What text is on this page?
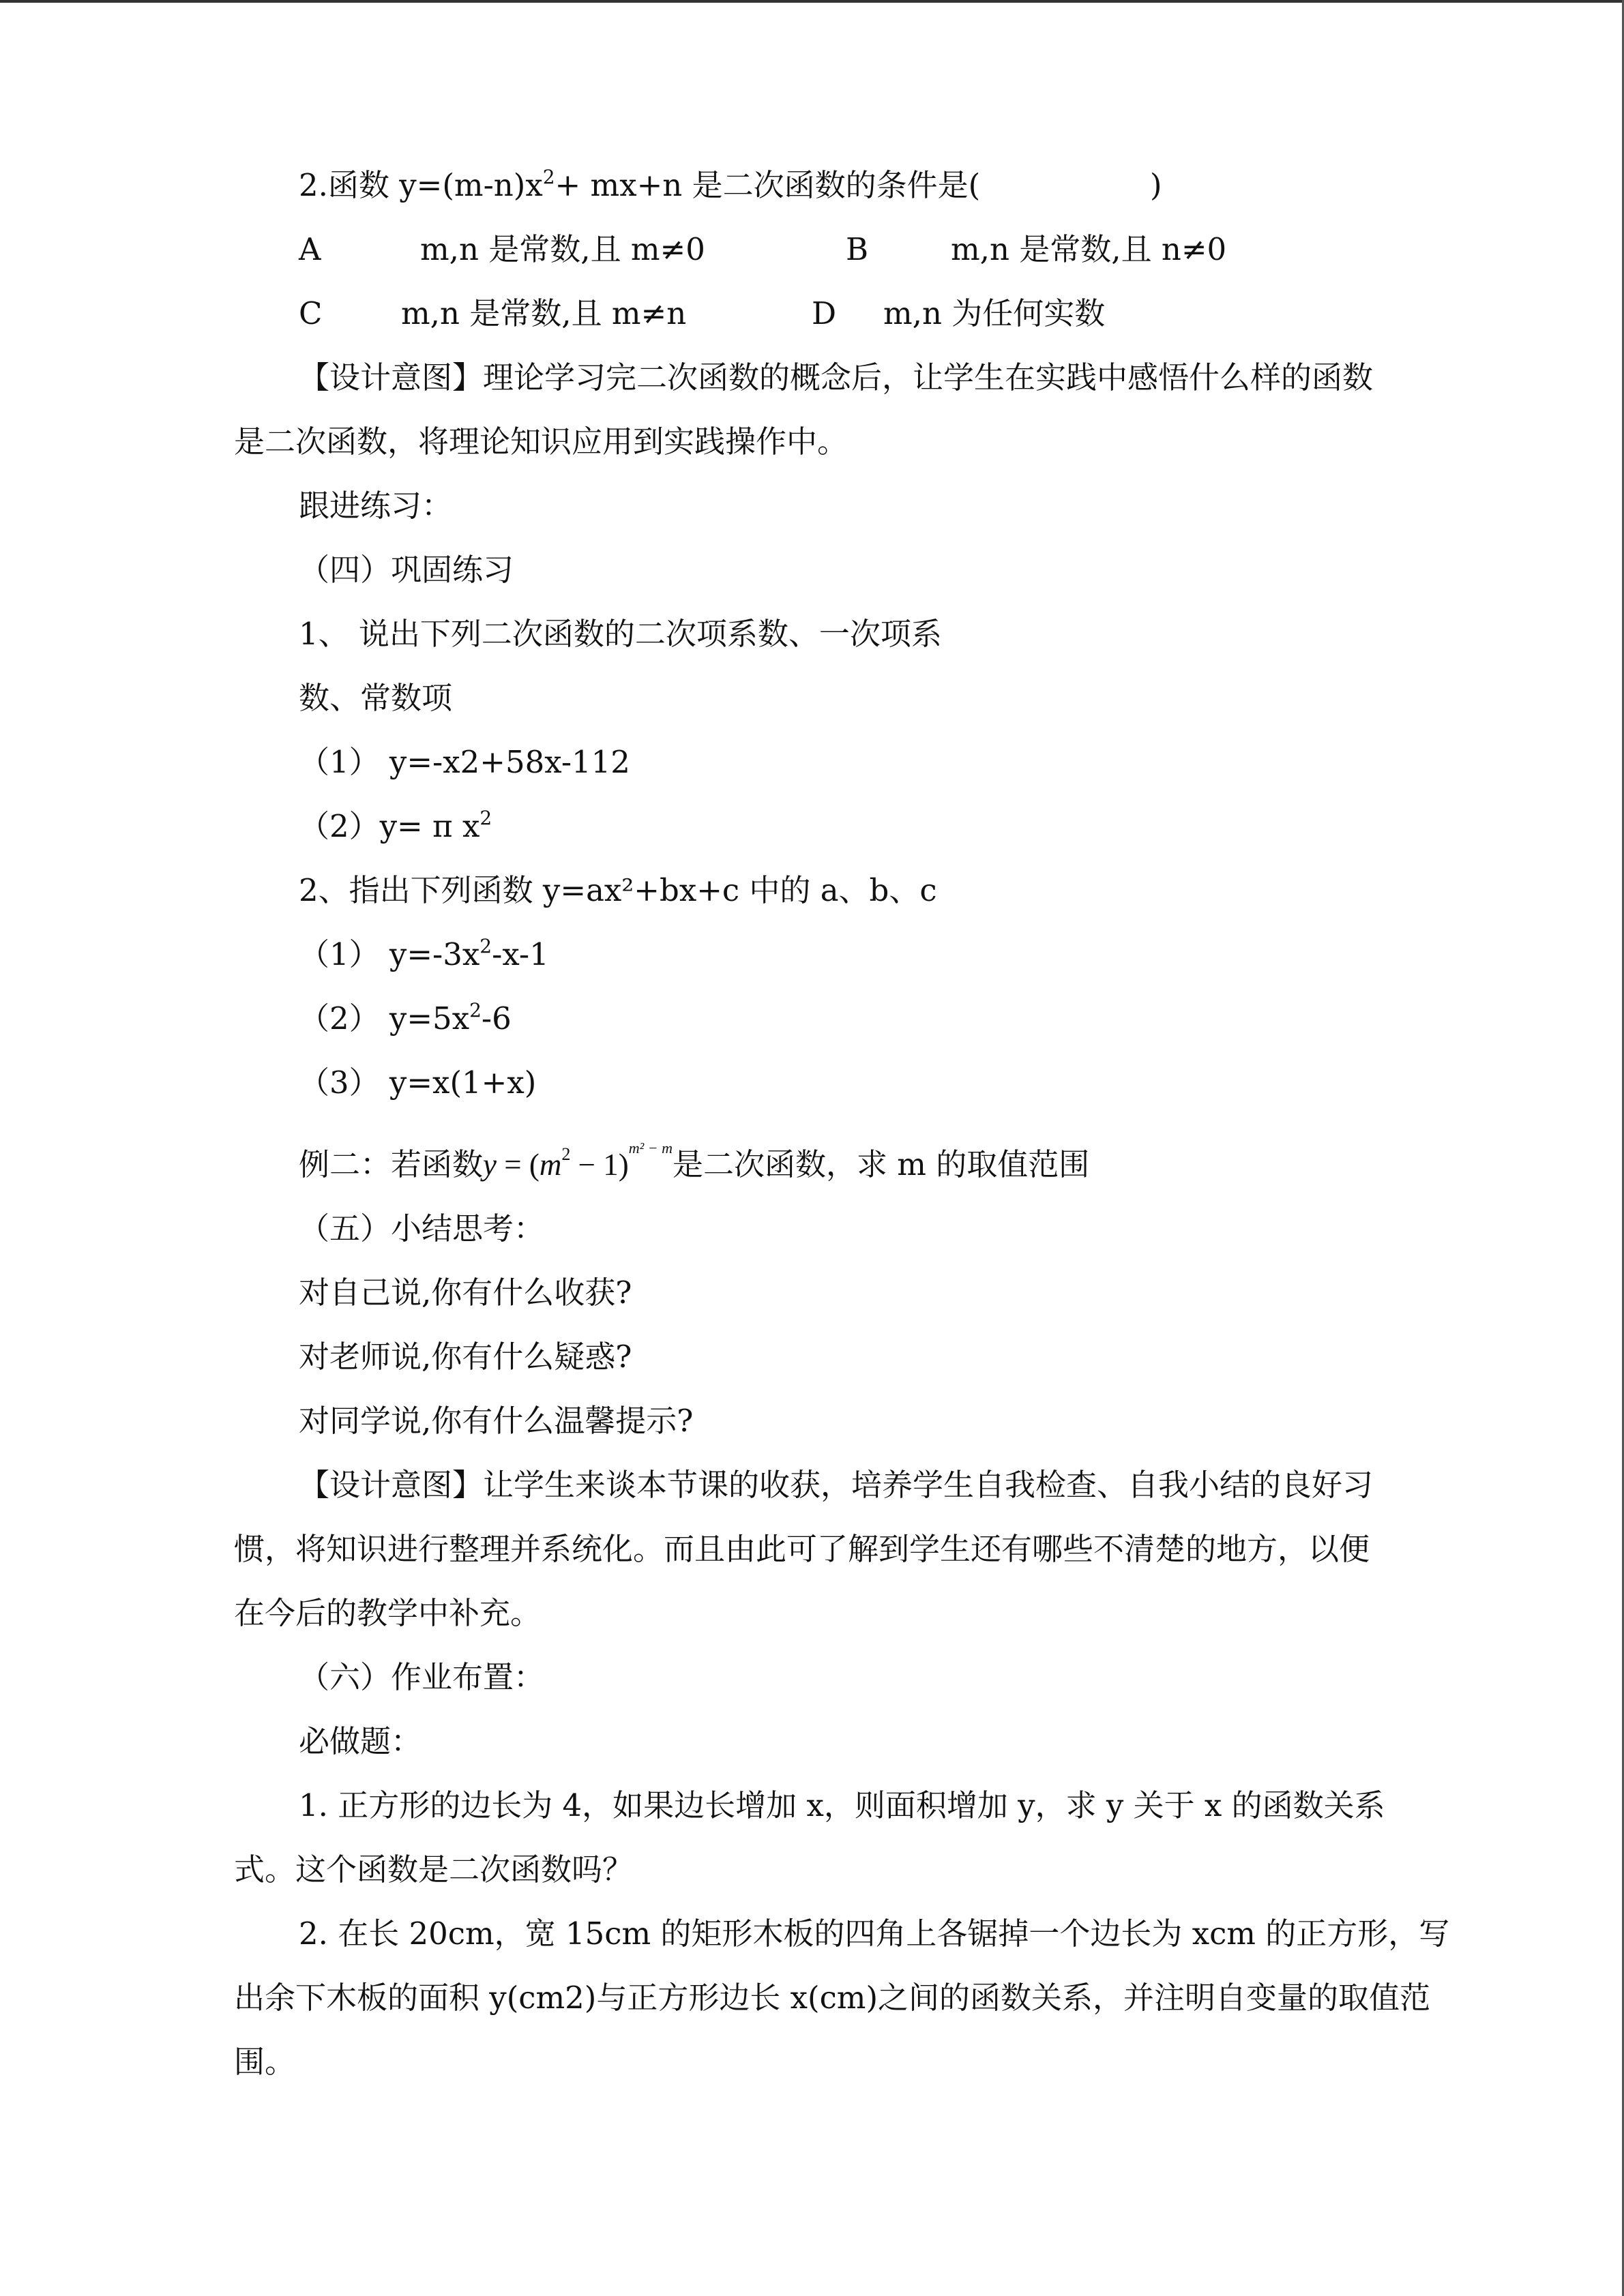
2.函数 $y=(m-n)x^2+ mx+n$ 是二次函数的条件是(	)
A	m,n 是常数,且 m≠0	B	m,n 是常数,且 n≠0
C	m,n 是常数,且 m≠n	D m,n 为任何实数
【设计意图】理论学习完二次函数的概念后，让学生在实践中感悟什么样的函数
是二次函数，将理论知识应用到实践操作中。
跟进练习：
（四）巩固练习
1、 说出下列二次函数的二次项系数、一次项系
数、常数项
（1） y=-x2+58x-112
（2）y= π $x^2$
2、指出下列函数 y=ax²+bx+c 中的 a、b、c
（1） $y=-3x^2-x-1$
（2） $y=5x^2-6$
（3） y=x(1+x)
例二：若函数$y = (m^2 - 1)^{m^2 - m}$是二次函数，求 m 的取值范围
（五）小结思考：
对自己说,你有什么收获?
对老师说,你有什么疑惑?
对同学说,你有什么温馨提示?
【设计意图】让学生来谈本节课的收获，培养学生自我检查、自我小结的良好习
惯，将知识进行整理并系统化。而且由此可了解到学生还有哪些不清楚的地方，以便
在今后的教学中补充。
（六）作业布置：
必做题：
1. 正方形的边长为 4，如果边长增加 x，则面积增加 y，求 y 关于 x 的函数关系
式。这个函数是二次函数吗？
2. 在长 20cm，宽 15cm 的矩形木板的四角上各锯掉一个边长为 xcm 的正方形，写
出余下木板的面积 y(cm2)与正方形边长 x(cm)之间的函数关系，并注明自变量的取值范
围。
